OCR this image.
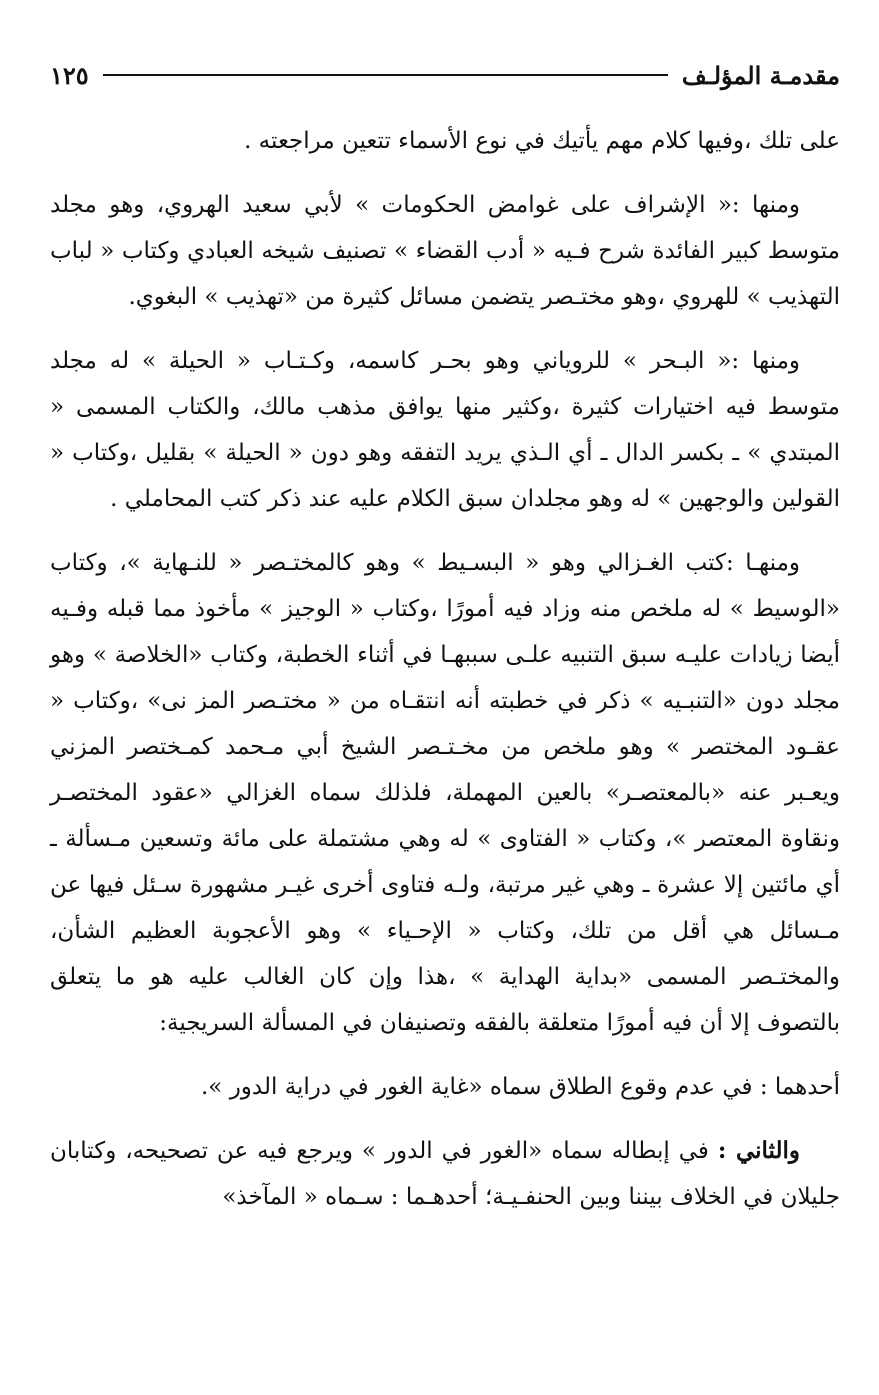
مقدمـة المؤلـف
١٢٥

على تلك ،وفيها كلام مهم يأتيك في نوع الأسماء تتعين مراجعته .

ومنها :« الإشراف على غوامض الحكومات » لأبي سعيد الهروي، وهو مجلد متوسط كبير الفائدة شرح فـيه « أدب القضاء » تصنيف شيخه العبادي وكتاب « لباب التهذيب » للهروي ،وهو مختـصر يتضمن مسائل كثيرة من «تهذيب » البغوي.

ومنها :« البـحر » للروياني وهو بحـر كاسمه، وكـتـاب « الحيلة » له مجلد متوسط فيه اختيارات كثيرة ،وكثير منها يوافق مذهب مالك، والكتاب المسمى « المبتدي » ـ بكسر الدال ـ أي الـذي يريد التفقه وهو دون « الحيلة » بقليل ،وكتاب « القولين والوجهين » له وهو مجلدان سبق الكلام عليه عند ذكر كتب المحاملي .

ومنهـا :كتب الغـزالي وهو « البسـيط » وهو كالمختـصر « للنـهاية »، وكتاب «الوسيط » له ملخص منه وزاد فيه أمورًا ،وكتاب « الوجيز » مأخوذ مما قبله وفـيه أيضا زيادات عليـه سبق التنبيه علـى سببهـا في أثناء الخطبة، وكتاب «الخلاصة » وهو مجلد دون «التنبـيه » ذكر في خطبته أنه انتقـاه من « مختـصر المز نى» ،وكتاب « عقـود المختصر » وهو ملخص من مخـتـصر الشيخ أبي مـحمد كمـختصر المزني ويعـبر عنه «بالمعتصـر» بالعين المهملة، فلذلك سماه الغزالي «عقود المختصـر ونقاوة المعتصر »، وكتاب « الفتاوى » له وهي مشتملة على مائة وتسعين مـسألة ـ أي مائتين إلا عشرة ـ وهي غير مرتبة، ولـه فتاوى أخرى غيـر مشهورة سـئل فيها عن مـسائل هي أقل من تلك، وكتاب « الإحـياء » وهو الأعجوبة العظيم الشأن، والمختـصر المسمى «بداية الهداية » ،هذا وإن كان الغالب عليه هو ما يتعلق بالتصوف إلا أن فيه أمورًا متعلقة بالفقه وتصنيفان في المسألة السريجية:

أحدهما : في عدم وقوع الطلاق سماه «غاية الغور في دراية الدور ».

والثاني : في إبطاله سماه «الغور في الدور » ويرجع فيه عن تصحيحه، وكتابان جليلان في الخلاف بيننا وبين الحنفـيـة؛ أحدهـما : سـماه « المآخذ»
